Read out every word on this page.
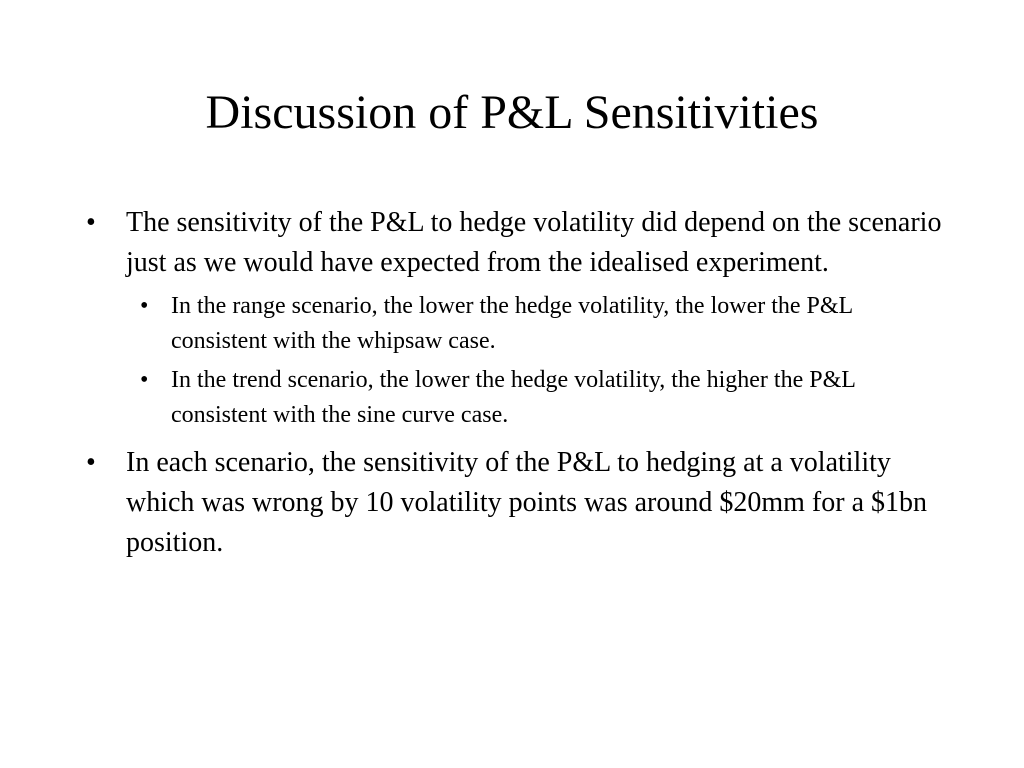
Discussion of P&L Sensitivities
• The sensitivity of the P&L to hedge volatility did depend on the scenario just as we would have expected from the idealised experiment.
• In the range scenario, the lower the hedge volatility, the lower the P&L consistent with the whipsaw case.
• In the trend scenario, the lower the hedge volatility, the higher the P&L consistent with the sine curve case.
• In each scenario, the sensitivity of the P&L to hedging at a volatility which was wrong by 10 volatility points was around $20mm for a $1bn position.
